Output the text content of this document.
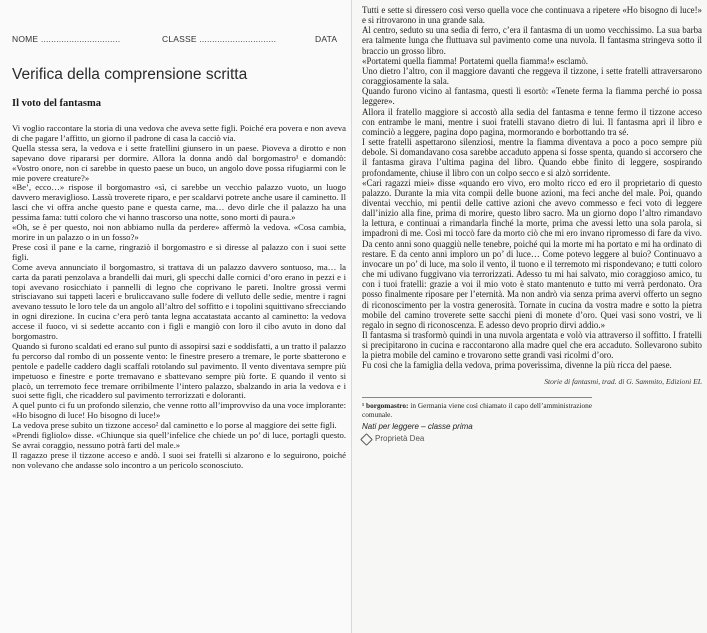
NOME ...............................	CLASSE ..............................	DATA
Verifica della comprensione scritta
Il voto del fantasma

Vi voglio raccontare la storia di una vedova che aveva sette figli. Poiché era povera e non aveva di che pagare l’affitto, un giorno il padrone di casa la cacciò via.

Quella stessa sera, la vedova e i sette fratellini giunsero in un paese. Pioveva a dirotto e non sapevano dove ripararsi per dormire. Allora la donna andò dal borgomastro¹ e domandò: «Vostro onore, non ci sarebbe in questo paese un buco, un angolo dove possa rifugiarmi con le mie povere creature?»

«Be’, ecco…» rispose il borgomastro «sì, ci sarebbe un vecchio palazzo vuoto, un luogo davvero meraviglioso. Lassù troverete riparo, e per scaldarvi potrete anche usare il caminetto. Il lasci che vi offra anche questo pane e questa carne, ma… devo dirle che il palazzo ha una pessima fama: tutti coloro che vi hanno trascorso una notte, sono morti di paura.»

«Oh, se è per questo, noi non abbiamo nulla da perdere» affermò la vedova. «Cosa cambia, morire in un palazzo o in un fosso?»

Prese così il pane e la carne, ringraziò il borgomastro e si diresse al palazzo con i suoi sette figli.

Come aveva annunciato il borgomastro, si trattava di un palazzo davvero sontuoso, ma… la carta da parati penzolava a brandelli dai muri, gli specchi dalle cornici d’oro erano in pezzi e i topi avevano rosicchiato i pannelli di legno che coprivano le pareti. Inoltre grossi vermi strisciavano sui tappeti lacerì e bruliccavano sulle fodere di velluto delle sedie, mentre i ragni avevano tessuto le loro tele da un angolo all’altro del soffitto e i topolini squittivano sfrecciando in ogni direzione. In cucina c’era però tanta legna accatastata accanto al caminetto: la vedova accese il fuoco, vi si sedette accanto con i figli e mangiò con loro il cibo avuto in dono dal borgomastro.

Quando si furono scaldati ed erano sul punto di assopirsi sazi e soddisfatti, a un tratto il palazzo fu percorso dal rombo di un possente vento: le finestre presero a tremare, le porte sbatterono e pentole e padelle caddero dagli scaffali rotolando sul pavimento. Il vento diventava sempre più impetuoso e finestre e porte tremavano e sbattevano sempre più forte. E quando il vento si placò, un terremoto fece tremare orribilmente l’intero palazzo, sbalzando in aria la vedova e i suoi sette figli, che ricaddero sul pavimento terrorizzati e doloranti.

A quel punto ci fu un profondo silenzio, che venne rotto all’improvviso da una voce implorante: «Ho bisogno di luce! Ho bisogno di luce!»

La vedova prese subito un tizzone acceso² dal caminetto e lo porse al maggiore dei sette figli.

«Prendi figliolo» disse. «Chiunque sia quell’infelice che chiede un po’ di luce, portagli questo. Se avrai coraggio, nessuno potrà farti del male.»

Il ragazzo prese il tizzone acceso e andò. I suoi sei fratelli si alzarono e lo seguirono, poiché non volevano che andasse solo incontro a un pericolo sconosciuto.

Tutti e sette si diressero così verso quella voce che continuava a ripetere «Ho bisogno di luce!» e si ritrovarono in una grande sala.

Al centro, seduto su una sedia di ferro, c’era il fantasma di un uomo vecchissimo. La sua barba era talmente lunga che fluttuava sul pavimento come una nuvola. Il fantasma stringeva sotto il braccio un grosso libro.

«Portatemi quella fiamma! Portatemi quella fiamma!» esclamò.

Uno dietro l’altro, con il maggiore davanti che reggeva il tizzone, i sette fratelli attraversarono coraggiosamente la sala.

Quando furono vicino al fantasma, questi li esortò: «Tenete ferma la fiamma perché io possa leggere».

Allora il fratello maggiore si accostò alla sedia del fantasma e tenne fermo il tizzone acceso con entrambe le mani, mentre i suoi fratelli stavano dietro di lui. Il fantasma aprì il libro e cominciò a leggere, pagina dopo pagina, mormorando e borbottando tra sé.

I sette fratelli aspettarono silenziosi, mentre la fiamma diventava a poco a poco sempre più debole. Si domandavano cosa sarebbe accaduto appena si fosse spenta, quando si accorsero che il fantasma girava l’ultima pagina del libro. Quando ebbe finito di leggere, sospirando profondamente, chiuse il libro con un colpo secco e si alzò sorridente.

«Cari ragazzi miei» disse «quando ero vivo, ero molto ricco ed ero il proprietario di questo palazzo. Durante la mia vita compii delle buone azioni, ma feci anche del male. Poi, quando diventai vecchio, mi pentii delle cattive azioni che avevo commesso e feci voto di leggere dall’inizio alla fine, prima di morire, questo libro sacro. Ma un giorno dopo l’altro rimandavo la lettura, e continuai a rimandarla finché la morte, prima che avessi letto una sola parola, si impadronì di me. Così mi toccò fare da morto ciò che mi ero invano ripromesso di fare da vivo. Da cento anni sono quaggiù nelle tenebre, poiché qui la morte mi ha portato e mi ha ordinato di restare. E da cento anni imploro un po’ di luce… Come potevo leggere al buio? Continuavo a invocare un po’ di luce, ma solo il vento, il tuono e il terremoto mi rispondevano; e tutti coloro che mi udivano fuggivano via terrorizzati. Adesso tu mi hai salvato, mio coraggioso amico, tu con i tuoi fratelli: grazie a voi il mio voto è stato mantenuto e tutto mi verrà perdonato. Ora posso finalmente riposare per l’eternità. Ma non andrò via senza prima avervi offerto un segno di riconoscimento per la vostra generosità. Tornate in cucina da vostra madre e sotto la pietra mobile del camino troverete sette sacchi pieni di monete d’oro. Quei vasi sono vostri, ve li regalo in segno di riconoscenza. E adesso devo proprio dirvi addio.»

Il fantasma si trasformò quindi in una nuvola argentata e volò via attraverso il soffitto. I fratelli si precipitarono in cucina e raccontarono alla madre quel che era accaduto. Sollevarono subito la pietra mobile del camino e trovarono sette grandi vasi ricolmi d’oro.

Fu così che la famiglia della vedova, prima poverissima, divenne la più ricca del paese.

Storie di fantasmi, trad. di G. Sammito, Edizioni EL

¹ borgomastro: in Germania viene così chiamato il capo dell’amministrazione comunale.

Nati per leggere – classe prima

Proprietà Dea
